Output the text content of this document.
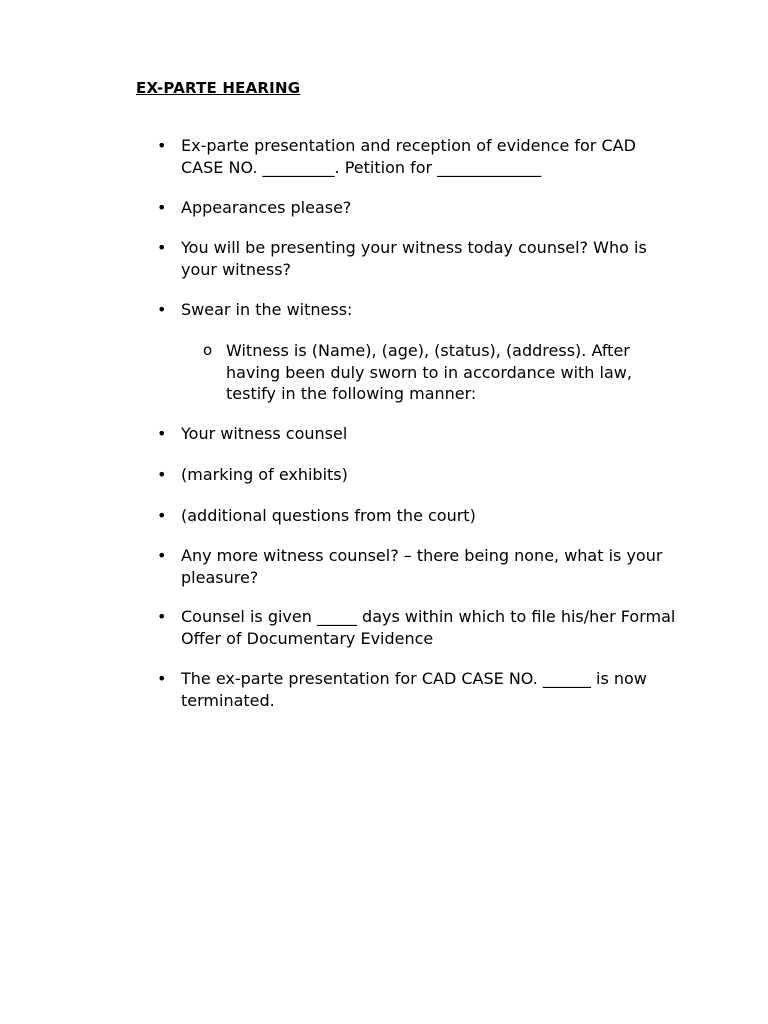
EX-PARTE HEARING

• Ex-parte presentation and reception of evidence for CAD CASE NO. _________. Petition for _____________

• Appearances please?

• You will be presenting your witness today counsel? Who is your witness?

• Swear in the witness:

o Witness is (Name), (age), (status), (address). After having been duly sworn to in accordance with law, testify in the following manner:

• Your witness counsel

• (marking of exhibits)

• (additional questions from the court)

• Any more witness counsel? – there being none, what is your pleasure?

• Counsel is given _____ days within which to file his/her Formal Offer of Documentary Evidence

• The ex-parte presentation for CAD CASE NO. ______ is now terminated.
